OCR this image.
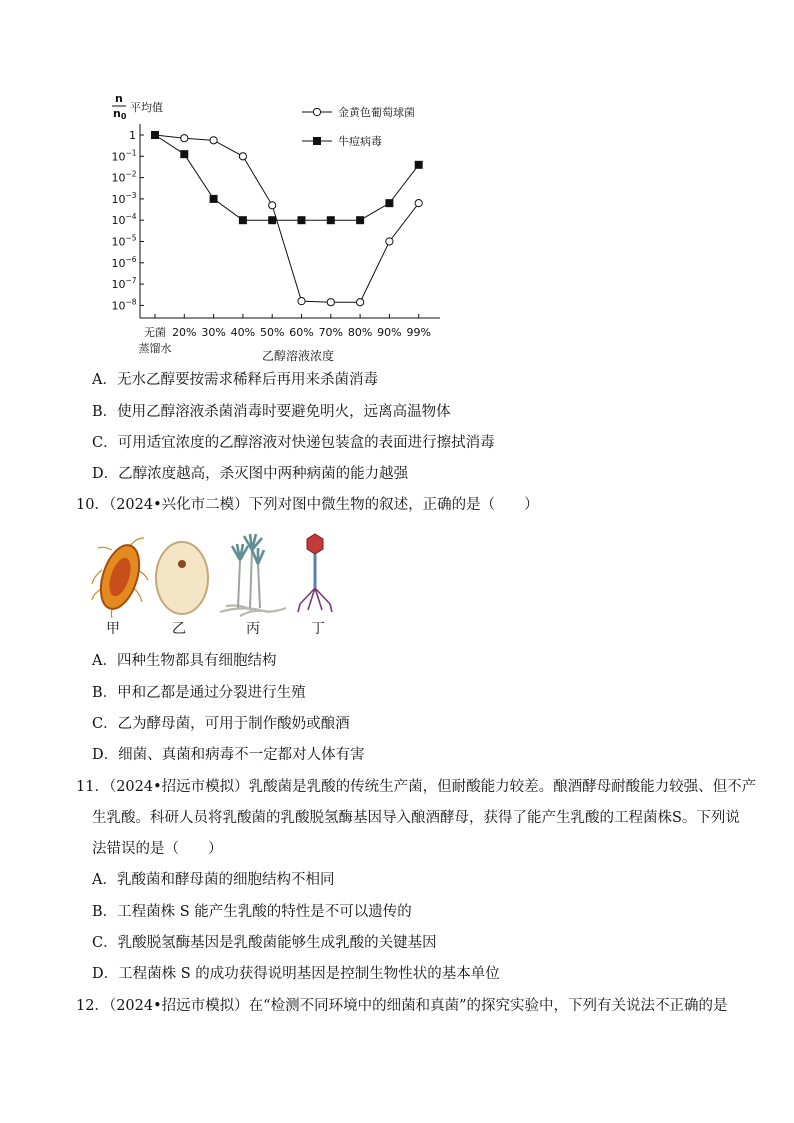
n
n0
平均值
1
$10^{-1}$
$10^{-2}$
$10^{-3}$
$10^{-4}$
$10^{-5}$
$10^{-6}$
$10^{-7}$
$10^{-8}$
无菌
蒸馏水
20% 30% 40% 50% 60% 70% 80% 90% 99%
乙醇溶液浓度
金黄色葡萄球菌
牛痘病毒
A．无水乙醇要按需求稀释后再用来杀菌消毒
B．使用乙醇溶液杀菌消毒时要避免明火，远离高温物体
C．可用适宜浓度的乙醇溶液对快递包装盒的表面进行擦拭消毒
D．乙醇浓度越高，杀灭图中两种病菌的能力越强
10．（2024•兴化市二模）下列对图中微生物的叙述，正确的是（　　）
甲	乙	丙	丁
A．四种生物都具有细胞结构
B．甲和乙都是通过分裂进行生殖
C．乙为酵母菌，可用于制作酸奶或酿酒
D．细菌、真菌和病毒不一定都对人体有害
11．（2024•招远市模拟）乳酸菌是乳酸的传统生产菌，但耐酸能力较差。酿酒酵母耐酸能力较强、但不产
生乳酸。科研人员将乳酸菌的乳酸脱氢酶基因导入酿酒酵母，获得了能产生乳酸的工程菌株S。下列说
法错误的是（　　）
A．乳酸菌和酵母菌的细胞结构不相同
B．工程菌株 S 能产生乳酸的特性是不可以遗传的
C．乳酸脱氢酶基因是乳酸菌能够生成乳酸的关键基因
D．工程菌株 S 的成功获得说明基因是控制生物性状的基本单位
12．（2024•招远市模拟）在“检测不同环境中的细菌和真菌”的探究实验中，下列有关说法不正确的是
